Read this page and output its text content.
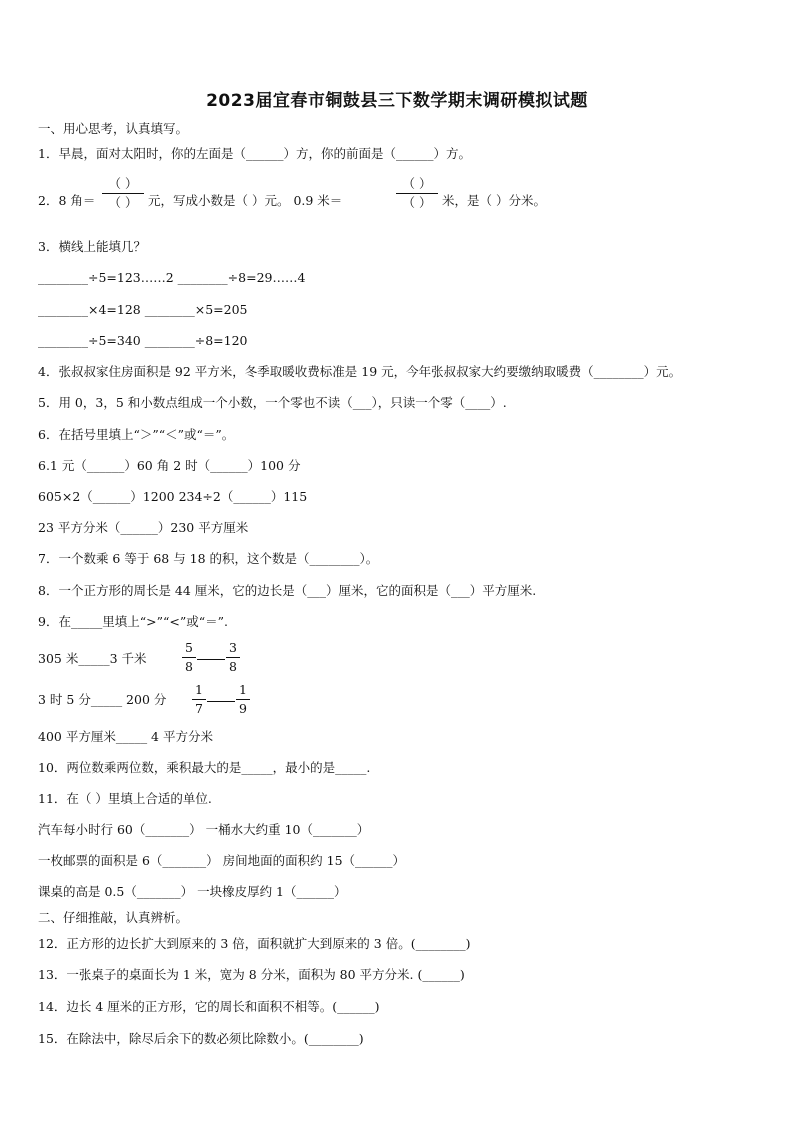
2023届宜春市铜鼓县三下数学期末调研模拟试题
一、用心思考，认真填写。
1．早晨，面对太阳时，你的左面是（______）方，你的前面是（______）方。
2．8 角＝
（ ）
（ ） 元，写成小数是（ ）元。 0.9 米＝
（ ）
（ ） 米，是（ ）分米。
3．横线上能填几？
________÷5=123……2 ________÷8=29……4
________×4=128 ________×5=205
________÷5=340 ________÷8=120
4．张叔叔家住房面积是 92 平方米，冬季取暖收费标准是 19 元，今年张叔叔家大约要缴纳取暖费（________）元。
5．用 0，3，5 和小数点组成一个小数，一个零也不读（___），只读一个零（____）.
6．在括号里填上“＞”“＜”或“＝”。
6.1 元（______）60 角 2 时（______）100 分
605×2（______）1200 234÷2（______）115
23 平方分米（______）230 平方厘米
7．一个数乘 6 等于 68 与 18 的积，这个数是（________）。
8．一个正方形的周长是 44 厘米，它的边长是（___）厘米，它的面积是（___）平方厘米.
9．在_____里填上“>”“<”或“＝”.
305 米_____3 千米
5
8
3
8
3 时 5 分_____ 200 分
1
7
1
9
400 平方厘米_____ 4 平方分米
10．两位数乘两位数，乘积最大的是_____，最小的是_____.
11．在（ ）里填上合适的单位.
汽车每小时行 60（_______） 一桶水大约重 10（_______）
一枚邮票的面积是 6（_______） 房间地面的面积约 15（______）
课桌的高是 0.5（_______） 一块橡皮厚约 1（______）
二、仔细推敲，认真辨析。
12．正方形的边长扩大到原来的 3 倍，面积就扩大到原来的 3 倍。(________)
13．一张桌子的桌面长为 1 米，宽为 8 分米，面积为 80 平方分米. (______)
14．边长 4 厘米的正方形，它的周长和面积不相等。(______)
15．在除法中，除尽后余下的数必须比除数小。(________)
